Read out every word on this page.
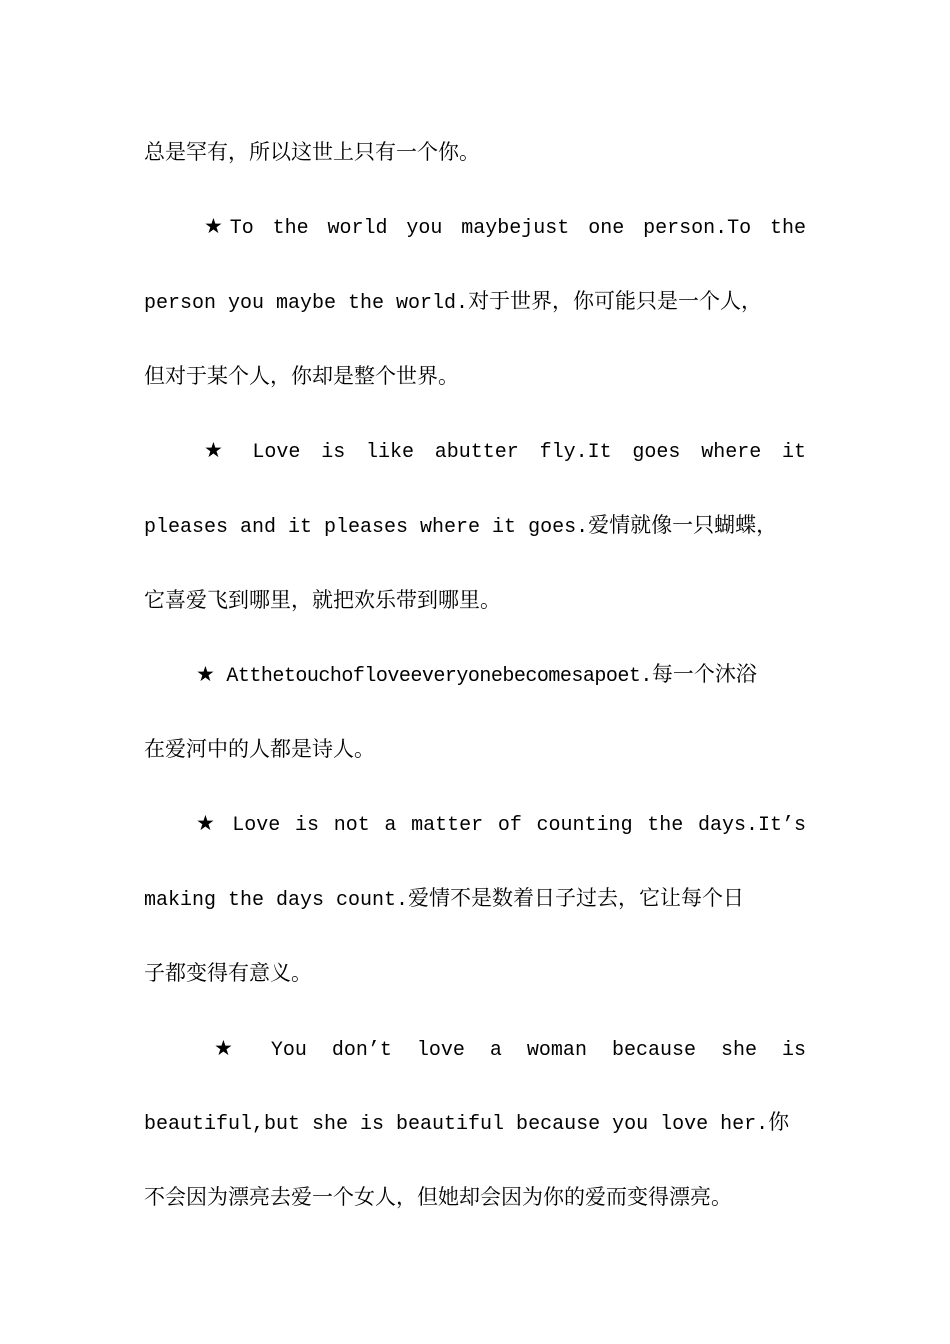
总是罕有，所以这世上只有一个你。
★To the world you maybejust one person.To the
person you maybe the world.对于世界，你可能只是一个人，
但对于某个人，你却是整个世界。
★ Love is like abutter fly.It goes where it
pleases and it pleases where it goes.爱情就像一只蝴蝶，
它喜爱飞到哪里，就把欢乐带到哪里。
★ Atthetouchofloveeveryonebecomesapoet.每一个沐浴
在爱河中的人都是诗人。
★ Love is not a matter of counting the days.It’s
making the days count.爱情不是数着日子过去，它让每个日
子都变得有意义。
★ You don’t love a woman because she is
beautiful,but she is beautiful because you love her.你
不会因为漂亮去爱一个女人，但她却会因为你的爱而变得漂亮。
